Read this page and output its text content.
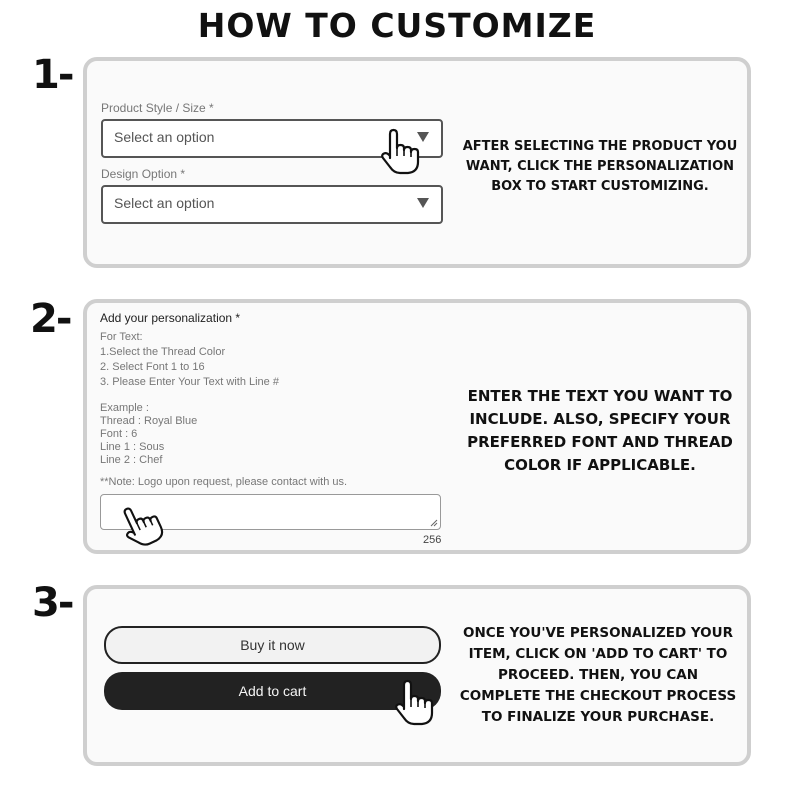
HOW TO CUSTOMIZE
1-
Product Style / Size *
Select an option
Design Option *
Select an option
AFTER SELECTING THE PRODUCT YOU
WANT, CLICK THE PERSONALIZATION
BOX TO START CUSTOMIZING.
2- Add your personalization *
For Text:
1.Select the Thread Color
2. Select Font 1 to 16
3. Please Enter Your Text with Line #
Example :
Thread : Royal Blue
Font : 6
Line 1 : Sous
Line 2 : Chef
**Note: Logo upon request, please contact with us.
256
ENTER THE TEXT YOU WANT TO
INCLUDE. ALSO, SPECIFY YOUR
PREFERRED FONT AND THREAD
COLOR IF APPLICABLE.
3-
Buy it now
Add to cart
ONCE YOU'VE PERSONALIZED YOUR
ITEM, CLICK ON 'ADD TO CART' TO
PROCEED. THEN, YOU CAN
COMPLETE THE CHECKOUT PROCESS
TO FINALIZE YOUR PURCHASE.
